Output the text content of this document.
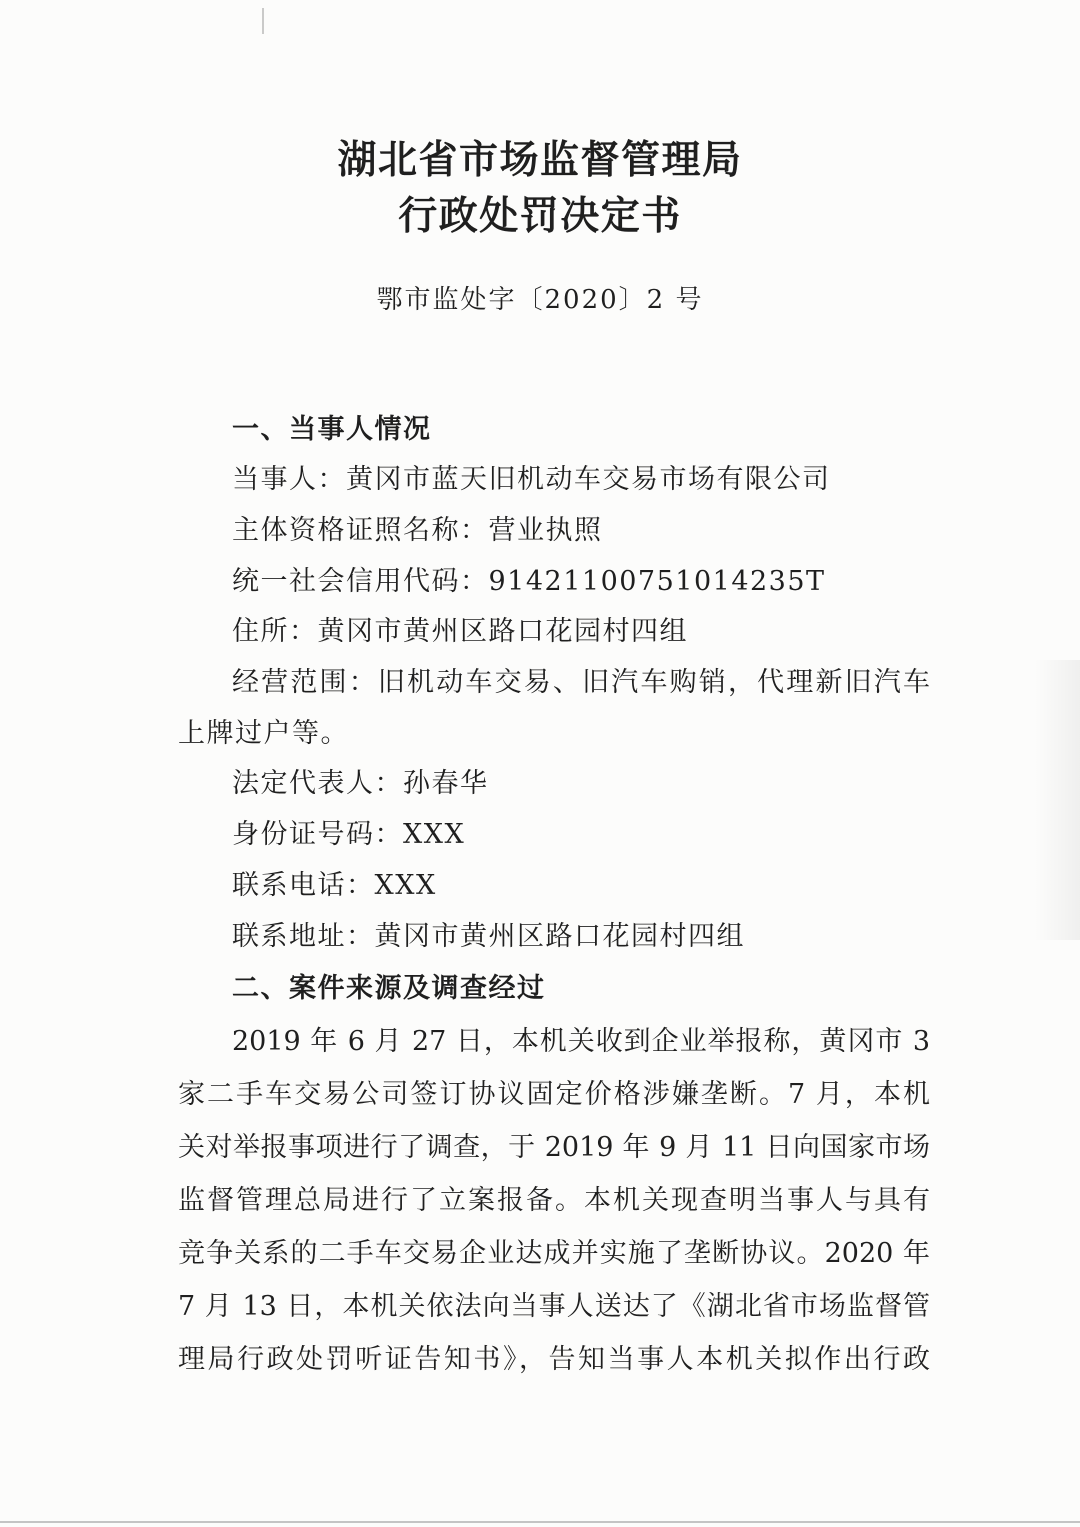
湖北省市场监督管理局
行政处罚决定书
鄂市监处字〔2020〕2 号
一、当事人情况
当事人：黄冈市蓝天旧机动车交易市场有限公司
主体资格证照名称：营业执照
统一社会信用代码：91421100751014235T
住所：黄冈市黄州区路口花园村四组
经营范围：旧机动车交易、旧汽车购销，代理新旧汽车
上牌过户等。
法定代表人：孙春华
身份证号码：XXX
联系电话：XXX
联系地址：黄冈市黄州区路口花园村四组
二、案件来源及调查经过
2019 年 6 月 27 日，本机关收到企业举报称，黄冈市 3
家二手车交易公司签订协议固定价格涉嫌垄断。7 月，本机
关对举报事项进行了调查，于 2019 年 9 月 11 日向国家市场
监督管理总局进行了立案报备。本机关现查明当事人与具有
竞争关系的二手车交易企业达成并实施了垄断协议。2020 年
7 月 13 日，本机关依法向当事人送达了《湖北省市场监督管
理局行政处罚听证告知书》，告知当事人本机关拟作出行政
